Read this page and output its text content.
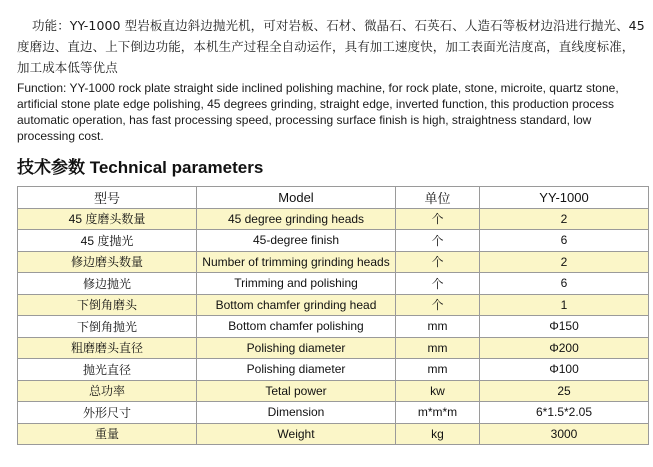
功能：YY-1000 型岩板直边斜边抛光机，可对岩板、石材、微晶石、石英石、人造石等板材边沿进行抛光、45度磨边、直边、上下倒边功能，本机生产过程全自动运作，具有加工速度快，加工表面光洁度高，直线度标准，加工成本低等优点
Function: YY-1000 rock plate straight side inclined polishing machine, for rock plate, stone, microite, quartz stone, artificial stone plate edge polishing, 45 degrees grinding, straight edge, inverted function, this production process automatic operation, has fast processing speed, processing surface finish is high, straightness standard, low processing cost.
技术参数 Technical parameters
型号	Model	单位	YY-1000
45 度磨头数量	45 degree grinding heads	个	2
45 度抛光	45-degree finish	个	6
修边磨头数量	Number of trimming grinding heads	个	2
修边抛光	Trimming and polishing	个	6
下倒角磨头	Bottom chamfer grinding head	个	1
下倒角抛光	Bottom chamfer polishing	mm	Φ150
粗磨磨头直径	Polishing diameter	mm	Φ200
抛光直径	Polishing diameter	mm	Φ100
总功率	Tetal power	kw	25
外形尺寸	Dimension	m*m*m	6*1.5*2.05
重量	Weight	kg	3000
